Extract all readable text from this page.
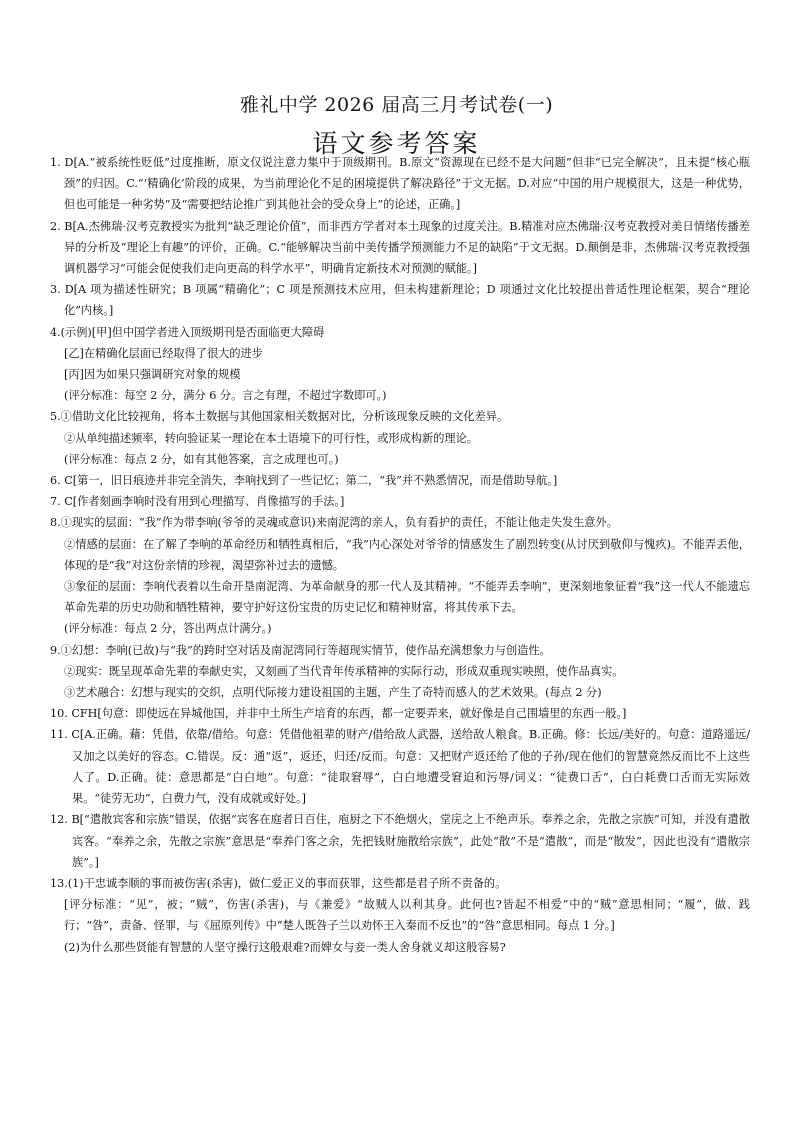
雅礼中学 2026 届高三月考试卷(一)
语文参考答案

1. D[A.“被系统性贬低”过度推断，原文仅说注意力集中于顶级期刊。B.原文“资源现在已经不是大问题”但非“已完全解决”，且未提“核心瓶颈”的归因。C.“‘精确化’阶段的成果，为当前理论化不足的困境提供了解决路径”于文无据。D.对应“中国的用户规模很大，这是一种优势，但也可能是一种劣势”及“需要把结论推广到其他社会的受众身上”的论述，正确。]

2. B[A.杰佛瑞·汉考克教授实为批判“缺乏理论价值”，而非西方学者对本土现象的过度关注。B.精准对应杰佛瑞·汉考克教授对美日情绪传播差异的分析及“理论上有趣”的评价，正确。C.“能够解决当前中美传播学预测能力不足的缺陷”于文无据。D.颠倒是非，杰佛瑞·汉考克教授强调机器学习“可能会促使我们走向更高的科学水平”，明确肯定新技术对预测的赋能。]

3. D[A 项为描述性研究；B 项属“精确化”；C 项是预测技术应用，但未构建新理论；D 项通过文化比较提出普适性理论框架，契合“理论化”内核。]

4.(示例)[甲]但中国学者进入顶级期刊是否面临更大障碍

[乙]在精确化层面已经取得了很大的进步

[丙]因为如果只强调研究对象的规模

(评分标准：每空 2 分，满分 6 分。言之有理，不超过字数即可。)

5.①借助文化比较视角，将本土数据与其他国家相关数据对比，分析该现象反映的文化差异。

②从单纯描述频率，转向验证某一理论在本土语境下的可行性，或形成构新的理论。

(评分标准：每点 2 分，如有其他答案，言之成理也可。)

6. C[第一，旧日痕迹并非完全消失，李响找到了一些记忆；第二，“我”并不熟悉情况，而是借助导航。]

7. C[作者刻画李响时没有用到心理描写、肖像描写的手法。]

8.①现实的层面：“我”作为带李响(爷爷的灵魂或意识)来南泥湾的亲人，负有看护的责任，不能让他走失发生意外。

②情感的层面：在了解了李响的革命经历和牺牲真相后，“我”内心深处对爷爷的情感发生了剧烈转变(从讨厌到敬仰与愧疚)。不能弄丢他，体现的是“我”对这份亲情的珍视，渴望弥补过去的遗憾。

③象征的层面：李响代表着以生命开垦南泥湾、为革命献身的那一代人及其精神。“不能弄丢李响”，更深刻地象征着“我”这一代人不能遗忘革命先辈的历史功勋和牺牲精神，要守护好这份宝贵的历史记忆和精神财富，将其传承下去。

(评分标准：每点 2 分，答出两点计满分。)

9.①幻想：李响(已故)与“我”的跨时空对话及南泥湾同行等超现实情节，使作品充满想象力与创造性。

②现实：既呈现革命先辈的奉献史实，又刻画了当代青年传承精神的实际行动，形成双重现实映照，使作品真实。

③艺术融合：幻想与现实的交织，点明代际接力建设祖国的主题，产生了奇特而感人的艺术效果。(每点 2 分)

10. CFH[句意：即使远在异城他国，并非中土所生产培育的东西，都一定要弄来，就好像是自己围墙里的东西一般。]

11. C[A.正确。藉：凭借，依靠/借给。句意：凭借他祖辈的财产/借给敌人武器，送给敌人粮食。B.正确。修：长远/美好的。句意：道路遥远/又加之以美好的容态。C.错误。反：通“返”，返还，归还/反而。句意：又把财产返还给了他的子孙/现在他们的智慧竟然反而比不上这些人了。D.正确。徒：意思都是“白白地”。句意：“徒取窘辱”，白白地遭受窘迫和污辱/词义：“徒费口舌”，白白耗费口舌而无实际效果。“徒劳无功”，白费力气，没有成就或好处。]

12. B[“遣散宾客和宗族”错误，依据“宾客在庭者日百住，庖厨之下不绝烟火，堂庑之上不绝声乐。奉养之余，先散之宗族”可知，并没有遣散宾客。“奉养之余，先散之宗族”意思是“奉养门客之余，先把钱财施散给宗族”，此处“散”不是“遣散”，而是“散发”，因此也没有“遣散宗族”。]

13.(1)干忠诚李顺的事而被伤害(杀害)，做仁爱正义的事而获罪，这些都是君子所不责备的。

[评分标准：“见”，被；“贼”，伤害(杀害)，与《兼爱》“故贼人以利其身。此何也?皆起不相爱”中的“贼”意思相同；“履”，做、践行；“咎”，责备、怪罪，与《屈原列传》中“楚人既咎子兰以劝怀王入秦而不反也”的“咎”意思相同。每点 1 分。]

(2)为什么那些贤能有智慧的人坚守操行这般艰难?而婢女与妾一类人舍身就义却这般容易?
